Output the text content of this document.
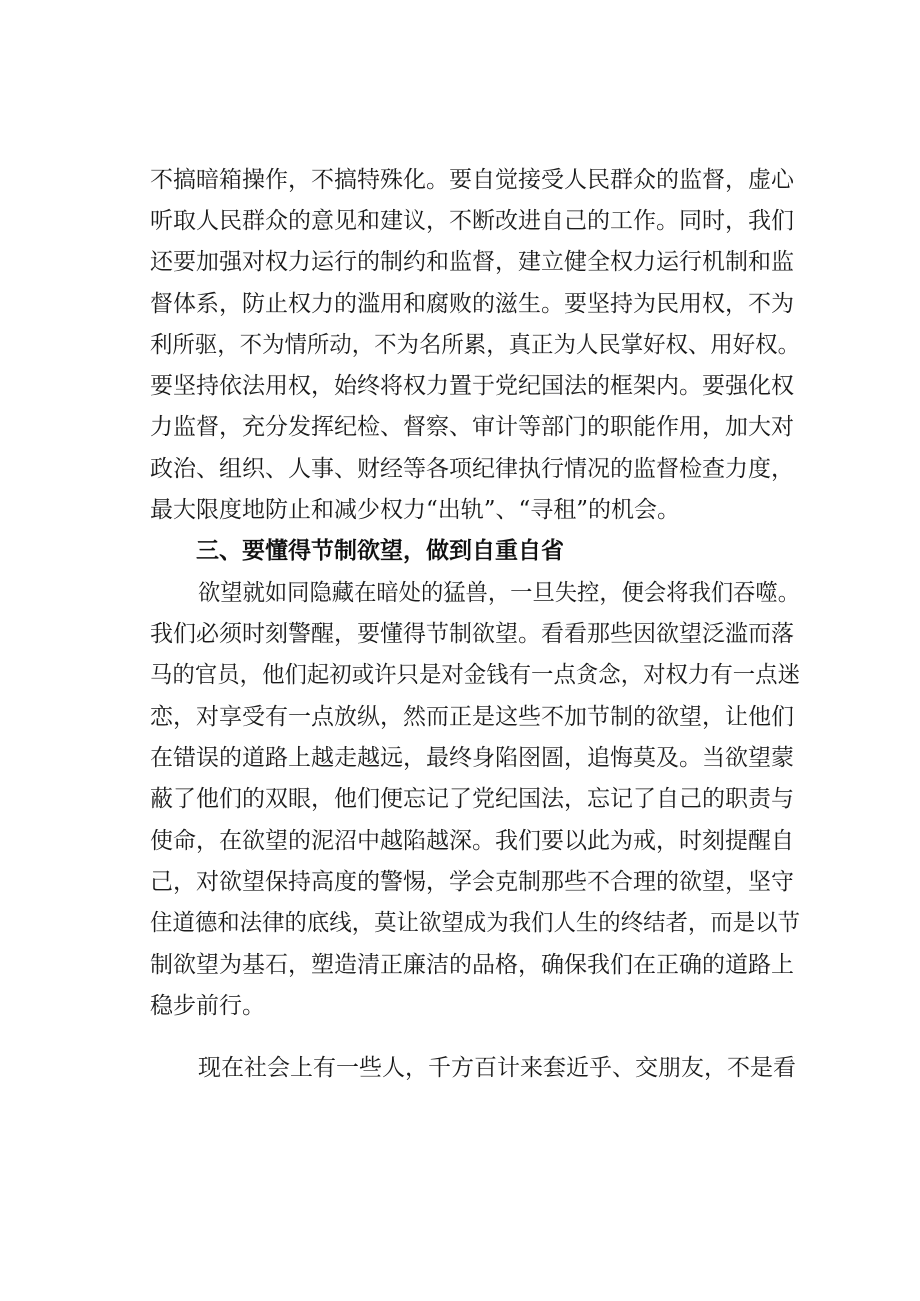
不搞暗箱操作，不搞特殊化。要自觉接受人民群众的监督，虚心
听取人民群众的意见和建议，不断改进自己的工作。同时，我们
还要加强对权力运行的制约和监督，建立健全权力运行机制和监
督体系，防止权力的滥用和腐败的滋生。要坚持为民用权，不为
利所驱，不为情所动，不为名所累，真正为人民掌好权、用好权。
要坚持依法用权，始终将权力置于党纪国法的框架内。要强化权
力监督，充分发挥纪检、督察、审计等部门的职能作用，加大对
政治、组织、人事、财经等各项纪律执行情况的监督检查力度，
最大限度地防止和减少权力“出轨”、“寻租”的机会。
三、要懂得节制欲望，做到自重自省
欲望就如同隐藏在暗处的猛兽，一旦失控，便会将我们吞噬。
我们必须时刻警醒，要懂得节制欲望。看看那些因欲望泛滥而落
马的官员，他们起初或许只是对金钱有一点贪念，对权力有一点迷
恋，对享受有一点放纵，然而正是这些不加节制的欲望，让他们
在错误的道路上越走越远，最终身陷囹圄，追悔莫及。当欲望蒙
蔽了他们的双眼，他们便忘记了党纪国法，忘记了自己的职责与
使命，在欲望的泥沼中越陷越深。我们要以此为戒，时刻提醒自
己，对欲望保持高度的警惕，学会克制那些不合理的欲望，坚守
住道德和法律的底线，莫让欲望成为我们人生的终结者，而是以节
制欲望为基石，塑造清正廉洁的品格，确保我们在正确的道路上
稳步前行。
现在社会上有一些人，千方百计来套近乎、交朋友，不是看
